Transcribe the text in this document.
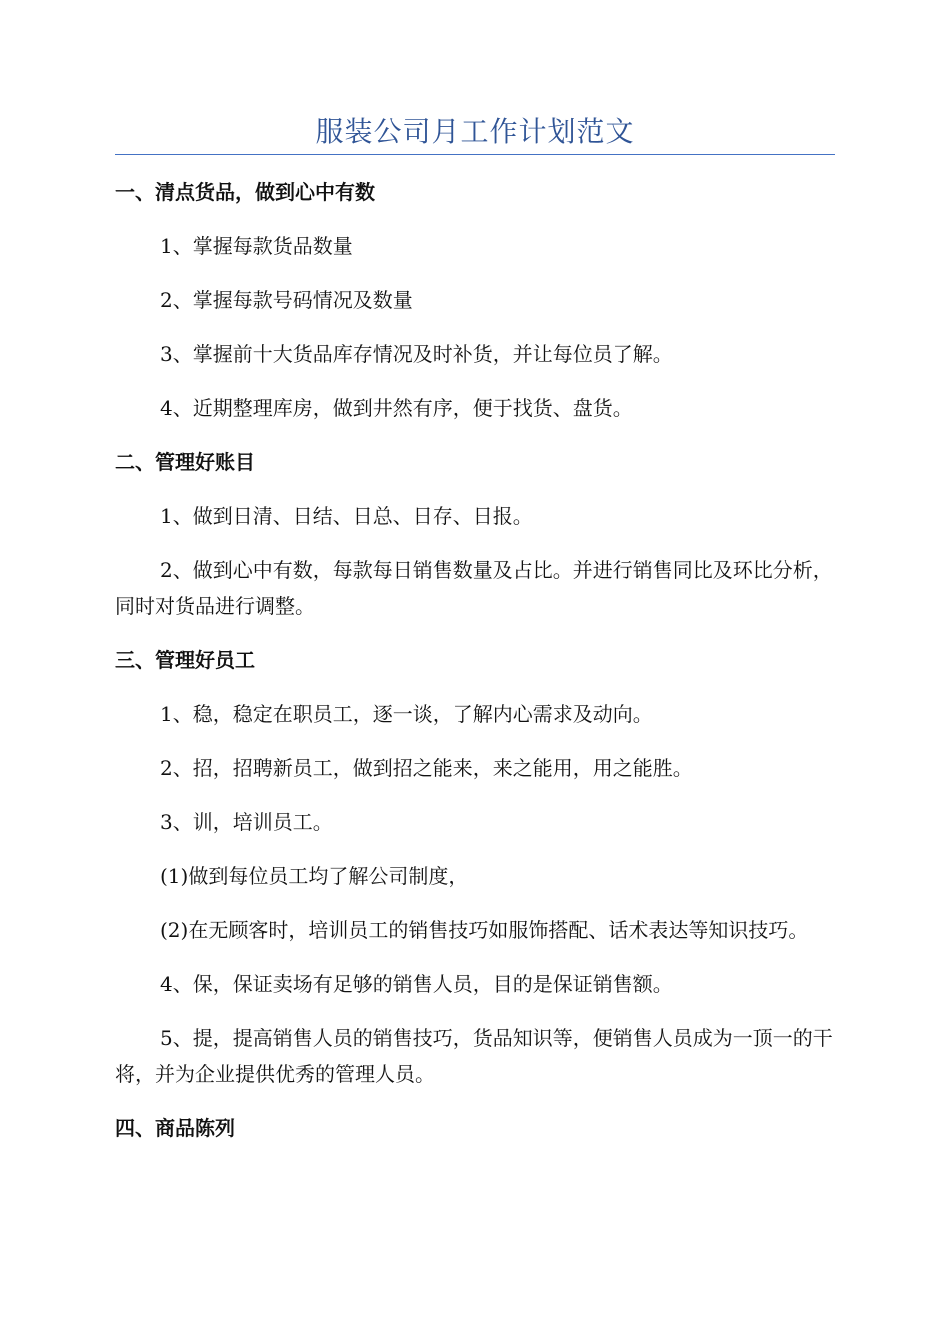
服装公司月工作计划范文
一、清点货品，做到心中有数
1、掌握每款货品数量
2、掌握每款号码情况及数量
3、掌握前十大货品库存情况及时补货，并让每位员了解。
4、近期整理库房，做到井然有序，便于找货、盘货。
二、管理好账目
1、做到日清、日结、日总、日存、日报。
2、做到心中有数，每款每日销售数量及占比。并进行销售同比及环比分析，同时对货品进行调整。
三、管理好员工
1、稳，稳定在职员工，逐一谈，了解内心需求及动向。
2、招，招聘新员工，做到招之能来，来之能用，用之能胜。
3、训，培训员工。
(1)做到每位员工均了解公司制度，
(2)在无顾客时，培训员工的销售技巧如服饰搭配、话术表达等知识技巧。
4、保，保证卖场有足够的销售人员，目的是保证销售额。
5、提，提高销售人员的销售技巧，货品知识等，便销售人员成为一顶一的干将，并为企业提供优秀的管理人员。
四、商品陈列
